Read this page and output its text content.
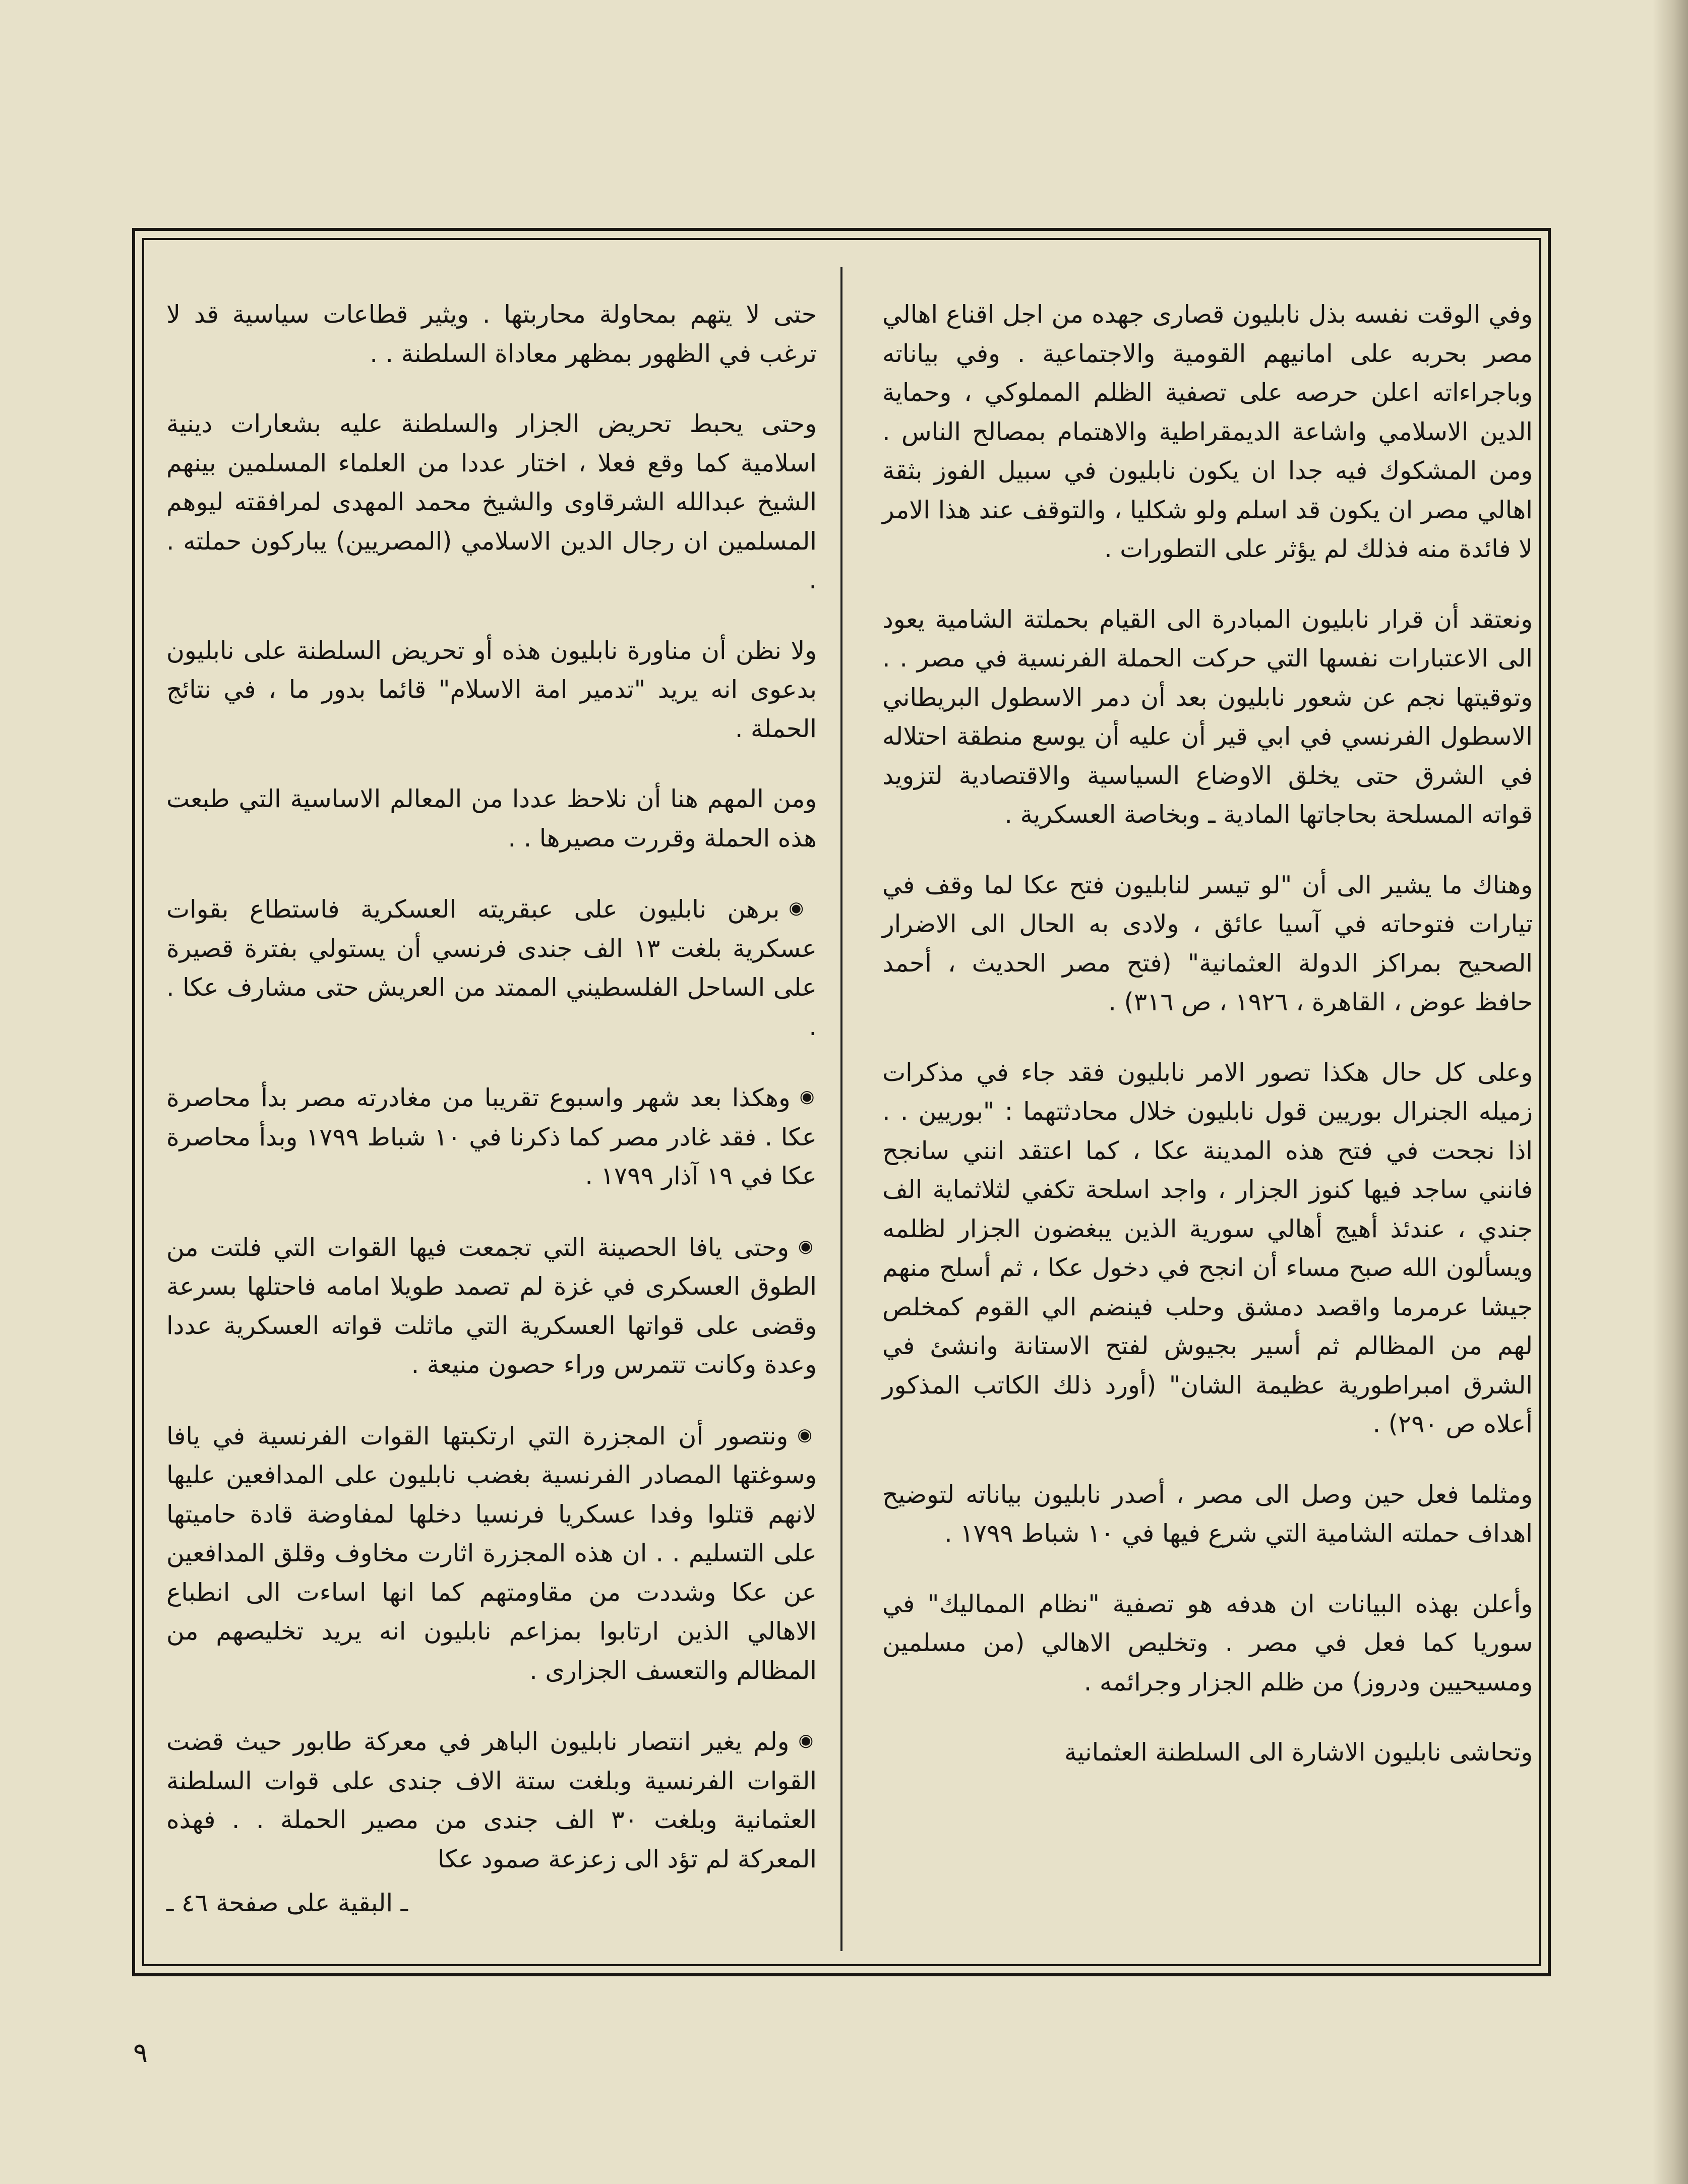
وفي الوقت نفسه بذل نابليون قصارى جهده من اجل اقناع اهالي مصر بحربه على امانيهم القومية والاجتماعية . وفي بياناته وباجراءاته اعلن حرصه على تصفية الظلم المملوكي ، وحماية الدين الاسلامي واشاعة الديمقراطية والاهتمام بمصالح الناس . ومن المشكوك فيه جدا ان يكون نابليون في سبيل الفوز بثقة اهالي مصر ان يكون قد اسلم ولو شكليا ، والتوقف عند هذا الامر لا فائدة منه فذلك لم يؤثر على التطورات .

ونعتقد أن قرار نابليون المبادرة الى القيام بحملتة الشامية يعود الى الاعتبارات نفسها التي حركت الحملة الفرنسية في مصر . . وتوقيتها نجم عن شعور نابليون بعد أن دمر الاسطول البريطاني الاسطول الفرنسي في ابي قير أن عليه أن يوسع منطقة احتلاله في الشرق حتى يخلق الاوضاع السياسية والاقتصادية لتزويد قواته المسلحة بحاجاتها المادية ـ وبخاصة العسكرية .

وهناك ما يشير الى أن "لو تيسر لنابليون فتح عكا لما وقف في تيارات فتوحاته في آسيا عائق ، ولادى به الحال الى الاضرار الصحيح بمراكز الدولة العثمانية" (فتح مصر الحديث ، أحمد حافظ عوض ، القاهرة ، ١٩٢٦ ، ص ٣١٦) .

وعلى كل حال هكذا تصور الامر نابليون فقد جاء في مذكرات زميله الجنرال بوريين قول نابليون خلال محادثتهما : "بوريين . . اذا نجحت في فتح هذه المدينة عكا ، كما اعتقد انني سانجح فانني ساجد فيها كنوز الجزار ، واجد اسلحة تكفي لثلاثماية الف جندي ، عندئذ أهيج أهالي سورية الذين يبغضون الجزار لظلمه ويسألون الله صبح مساء أن انجح في دخول عكا ، ثم أسلح منهم جيشا عرمرما واقصد دمشق وحلب فينضم الي القوم كمخلص لهم من المظالم ثم أسير بجيوش لفتح الاستانة وانشئ في الشرق امبراطورية عظيمة الشان" (أورد ذلك الكاتب المذكور أعلاه ص ٢٩٠) .

ومثلما فعل حين وصل الى مصر ، أصدر نابليون بياناته لتوضيح اهداف حملته الشامية التي شرع فيها في ١٠ شباط ١٧٩٩ .

وأعلن بهذه البيانات ان هدفه هو تصفية "نظام المماليك" في سوريا كما فعل في مصر . وتخليص الاهالي (من مسلمين ومسيحيين ودروز) من ظلم الجزار وجرائمه .

وتحاشى نابليون الاشارة الى السلطنة العثمانية

حتى لا يتهم بمحاولة محاربتها . ويثير قطاعات سياسية قد لا ترغب في الظهور بمظهر معاداة السلطنة . .

وحتى يحبط تحريض الجزار والسلطنة عليه بشعارات دينية اسلامية كما وقع فعلا ، اختار عددا من العلماء المسلمين بينهم الشيخ عبدالله الشرقاوى والشيخ محمد المهدى لمرافقته ليوهم المسلمين ان رجال الدين الاسلامي (المصريين) يباركون حملته . .

ولا نظن أن مناورة نابليون هذه أو تحريض السلطنة على نابليون بدعوى انه يريد "تدمير امة الاسلام" قائما بدور ما ، في نتائج الحملة .

ومن المهم هنا أن نلاحظ عددا من المعالم الاساسية التي طبعت هذه الحملة وقررت مصيرها . .

◉ برهن نابليون على عبقريته العسكرية فاستطاع بقوات عسكرية بلغت ١٣ الف جندى فرنسي أن يستولي بفترة قصيرة على الساحل الفلسطيني الممتد من العريش حتى مشارف عكا . .

◉ وهكذا بعد شهر واسبوع تقريبا من مغادرته مصر بدأ محاصرة عكا . فقد غادر مصر كما ذكرنا في ١٠ شباط ١٧٩٩ وبدأ محاصرة عكا في ١٩ آذار ١٧٩٩ .

◉ وحتى يافا الحصينة التي تجمعت فيها القوات التي فلتت من الطوق العسكرى في غزة لم تصمد طويلا امامه فاحتلها بسرعة وقضى على قواتها العسكرية التي ماثلت قواته العسكرية عددا وعدة وكانت تتمرس وراء حصون منيعة .

◉ ونتصور أن المجزرة التي ارتكبتها القوات الفرنسية في يافا وسوغتها المصادر الفرنسية بغضب نابليون على المدافعين عليها لانهم قتلوا وفدا عسكريا فرنسيا دخلها لمفاوضة قادة حاميتها على التسليم . . ان هذه المجزرة اثارت مخاوف وقلق المدافعين عن عكا وشددت من مقاومتهم كما انها اساءت الى انطباع الاهالي الذين ارتابوا بمزاعم نابليون انه يريد تخليصهم من المظالم والتعسف الجزارى .

◉ ولم يغير انتصار نابليون الباهر في معركة طابور حيث قضت القوات الفرنسية وبلغت ستة الاف جندى على قوات السلطنة العثمانية وبلغت ٣٠ الف جندى من مصير الحملة . . فهذه المعركة لم تؤد الى زعزعة صمود عكا

ـ البقية على صفحة ٤٦ ـ
٩
